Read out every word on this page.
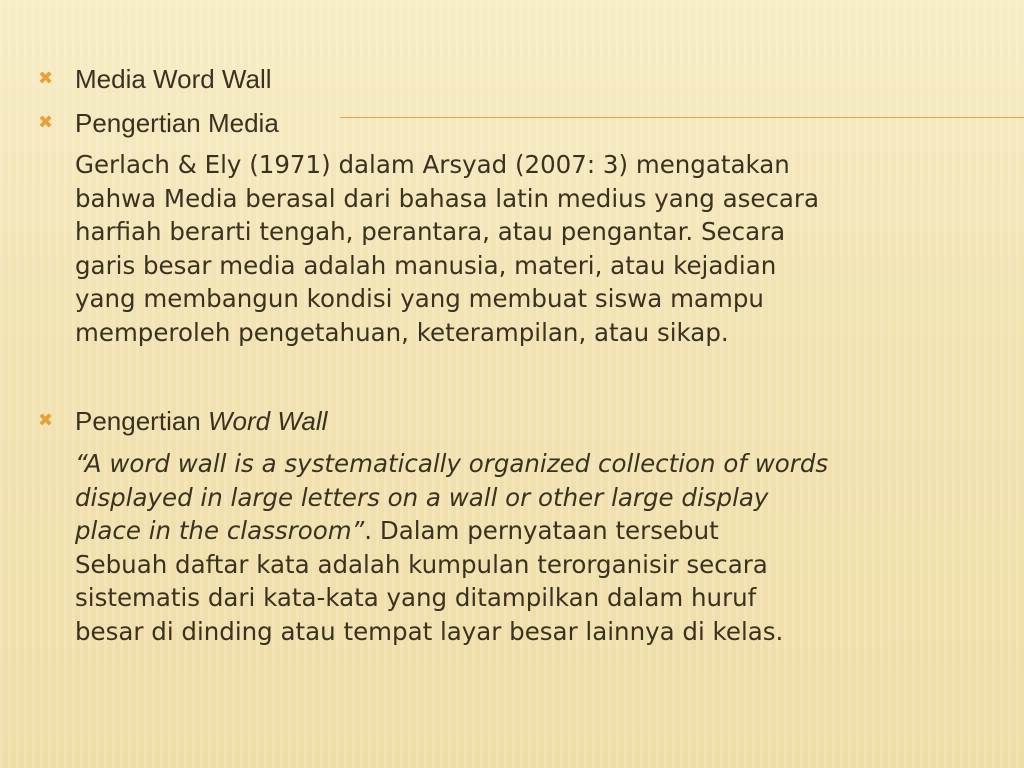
✖ Media Word Wall
✖ Pengertian Media

Gerlach & Ely (1971) dalam Arsyad (2007: 3) mengatakan
bahwa Media berasal dari bahasa latin medius yang asecara
harfiah berarti tengah, perantara, atau pengantar. Secara
garis besar media adalah manusia, materi, atau kejadian
yang membangun kondisi yang membuat siswa mampu
memperoleh pengetahuan, keterampilan, atau sikap.

✖ Pengertian Word Wall

“A word wall is a systematically organized collection of words
displayed in large letters on a wall or other large display
place in the classroom”. Dalam pernyataan tersebut
Sebuah daftar kata adalah kumpulan terorganisir secara
sistematis dari kata-kata yang ditampilkan dalam huruf
besar di dinding atau tempat layar besar lainnya di kelas.
